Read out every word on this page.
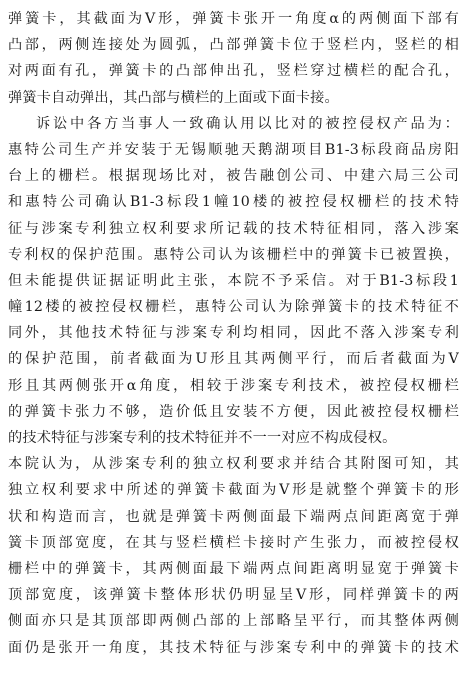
弹簧卡，其截面为V形，弹簧卡张开一角度α的两侧面下部有
凸部，两侧连接处为圆弧，凸部弹簧卡位于竖栏内，竖栏的相
对两面有孔，弹簧卡的凸部伸出孔，竖栏穿过横栏的配合孔，
弹簧卡自动弹出，其凸部与横栏的上面或下面卡接。
诉讼中各方当事人一致确认用以比对的被控侵权产品为：
惠特公司生产并安装于无锡顺驰天鹅湖项目B1-3标段商品房阳
台上的栅栏。根据现场比对，被告融创公司、中建六局三公司
和惠特公司确认B1-3标段1幢10楼的被控侵权栅栏的技术特
征与涉案专利独立权利要求所记载的技术特征相同，落入涉案
专利权的保护范围。惠特公司认为该栅栏中的弹簧卡已被置换，
但未能提供证据证明此主张，本院不予采信。对于B1-3标段1
幢12楼的被控侵权栅栏，惠特公司认为除弹簧卡的技术特征不
同外，其他技术特征与涉案专利均相同，因此不落入涉案专利
的保护范围，前者截面为U形且其两侧平行，而后者截面为V
形且其两侧张开α角度，相较于涉案专利技术，被控侵权栅栏
的弹簧卡张力不够，造价低且安装不方便，因此被控侵权栅栏
的技术特征与涉案专利的技术特征并不一一对应不构成侵权。
本院认为，从涉案专利的独立权利要求并结合其附图可知，其
独立权利要求中所述的弹簧卡截面为V形是就整个弹簧卡的形
状和构造而言，也就是弹簧卡两侧面最下端两点间距离宽于弹
簧卡顶部宽度，在其与竖栏横栏卡接时产生张力，而被控侵权
栅栏中的弹簧卡，其两侧面最下端两点间距离明显宽于弹簧卡
顶部宽度，该弹簧卡整体形状仍明显呈V形，同样弹簧卡的两
侧面亦只是其顶部即两侧凸部的上部略呈平行，而其整体两侧
面仍是张开一角度，其技术特征与涉案专利中的弹簧卡的技术
